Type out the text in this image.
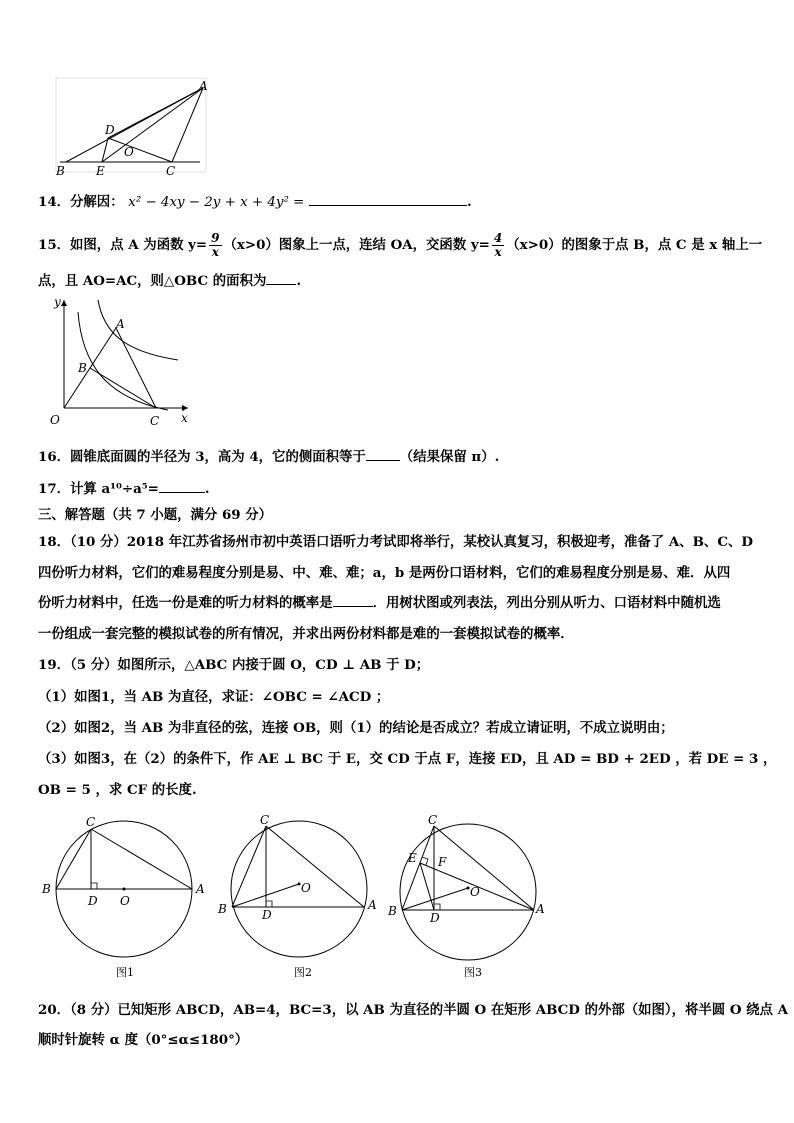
A
D
O
B	E	C
14．分解因： x² − 4xy − 2y + x + 4y² =	.
15．如图，点 A 为函数 $y= \frac{9}{x} (x>0)$图象上一点，连结 OA，交函数 $y= \frac{4}{x} (x>0)$的图象于点 B，点 C 是 x 轴上一
点，且 AO=AC，则△OBC 的面积为 .
y
x
A
B
O	C
16．圆锥底面圆的半径为 3，高为 4，它的侧面积等于	（结果保留 π）.
17．计算 a¹⁰÷a⁵=	.
三、解答题（共 7 小题，满分 69 分）
18．（10 分）2018 年江苏省扬州市初中英语口语听力考试即将举行，某校认真复习，积极迎考，准备了 A、B、C、D
四份听力材料，它们的难易程度分别是易、中、难、难；a，b 是两份口语材料，它们的难易程度分别是易、难．从四
份听力材料中，任选一份是难的听力材料的概率是	．用树状图或列表法，列出分别从听力、口语材料中随机选
一份组成一套完整的模拟试卷的所有情况，并求出两份材料都是难的一套模拟试卷的概率．
19．（5 分）如图所示，△ABC 内接于圆 O，CD ⊥ AB 于 D；
（1）如图1，当 AB 为直径，求证：∠OBC = ∠ACD ；
（2）如图2，当 AB 为非直径的弦，连接 OB，则（1）的结论是否成立？若成立请证明，不成立说明由；
（3）如图3，在（2）的条件下，作 AE ⊥ BC 于 E，交 CD 于点 F，连接 ED，且 AD = BD + 2ED ，若 DE = 3 ，
OB = 5 ，求 CF 的长度.
C
B	A
D O
图1
C
B	A
D
O
图2
C
E F
B	A
D
O
图3
20．（8 分）已知矩形 ABCD，AB=4，BC=3，以 AB 为直径的半圆 O 在矩形 ABCD 的外部（如图），将半圆 O 绕点 A
顺时针旋转 α 度（0°≤α≤180°）
